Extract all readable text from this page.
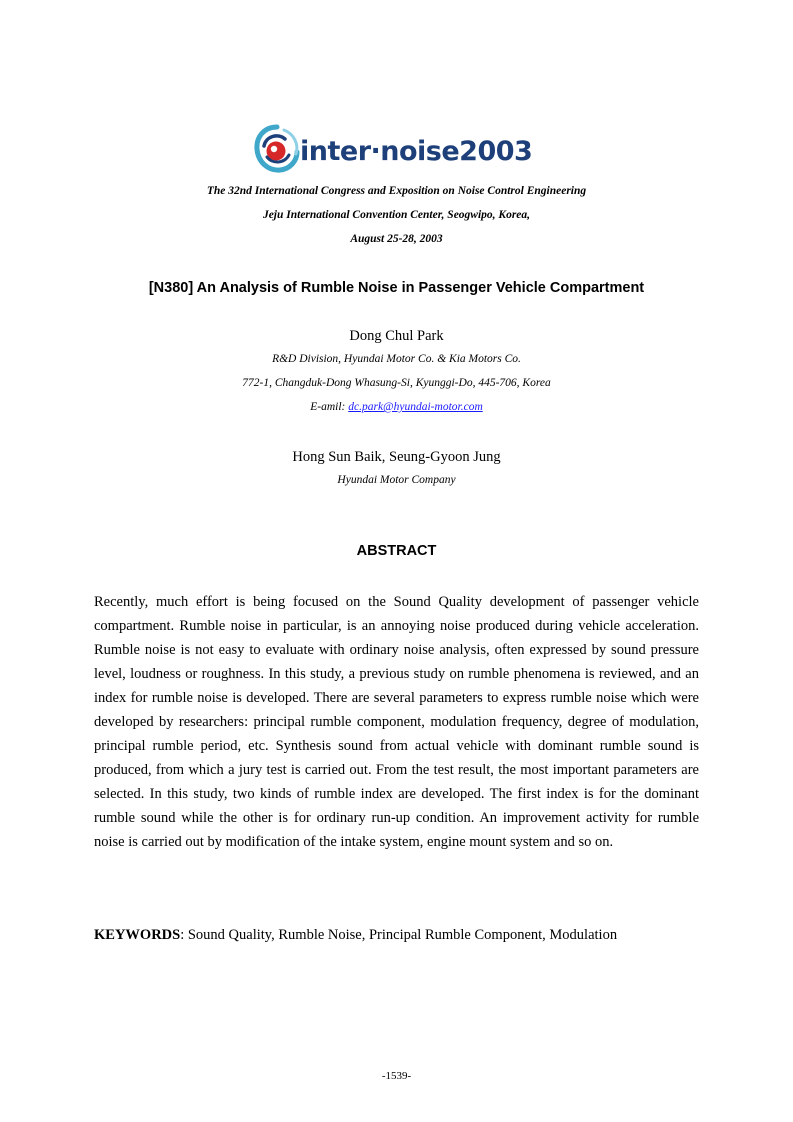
inter·noise2003
The 32nd International Congress and Exposition on Noise Control Engineering
Jeju International Convention Center, Seogwipo, Korea,
August 25-28, 2003
[N380] An Analysis of Rumble Noise in Passenger Vehicle Compartment
Dong Chul Park
R&D Division, Hyundai Motor Co. & Kia Motors Co.
772-1, Changduk-Dong Whasung-Si, Kyunggi-Do, 445-706, Korea
E-amil: dc.park@hyundai-motor.com
Hong Sun Baik, Seung-Gyoon Jung
Hyundai Motor Company
ABSTRACT

Recently, much effort is being focused on the Sound Quality development of passenger vehicle compartment. Rumble noise in particular, is an annoying noise produced during vehicle acceleration. Rumble noise is not easy to evaluate with ordinary noise analysis, often expressed by sound pressure level, loudness or roughness. In this study, a previous study on rumble phenomena is reviewed, and an index for rumble noise is developed. There are several parameters to express rumble noise which were developed by researchers: principal rumble component, modulation frequency, degree of modulation, principal rumble period, etc. Synthesis sound from actual vehicle with dominant rumble sound is produced, from which a jury test is carried out. From the test result, the most important parameters are selected. In this study, two kinds of rumble index are developed. The first index is for the dominant rumble sound while the other is for ordinary run-up condition. An improvement activity for rumble noise is carried out by modification of the intake system, engine mount system and so on.

KEYWORDS: Sound Quality, Rumble Noise, Principal Rumble Component, Modulation
-1539-
